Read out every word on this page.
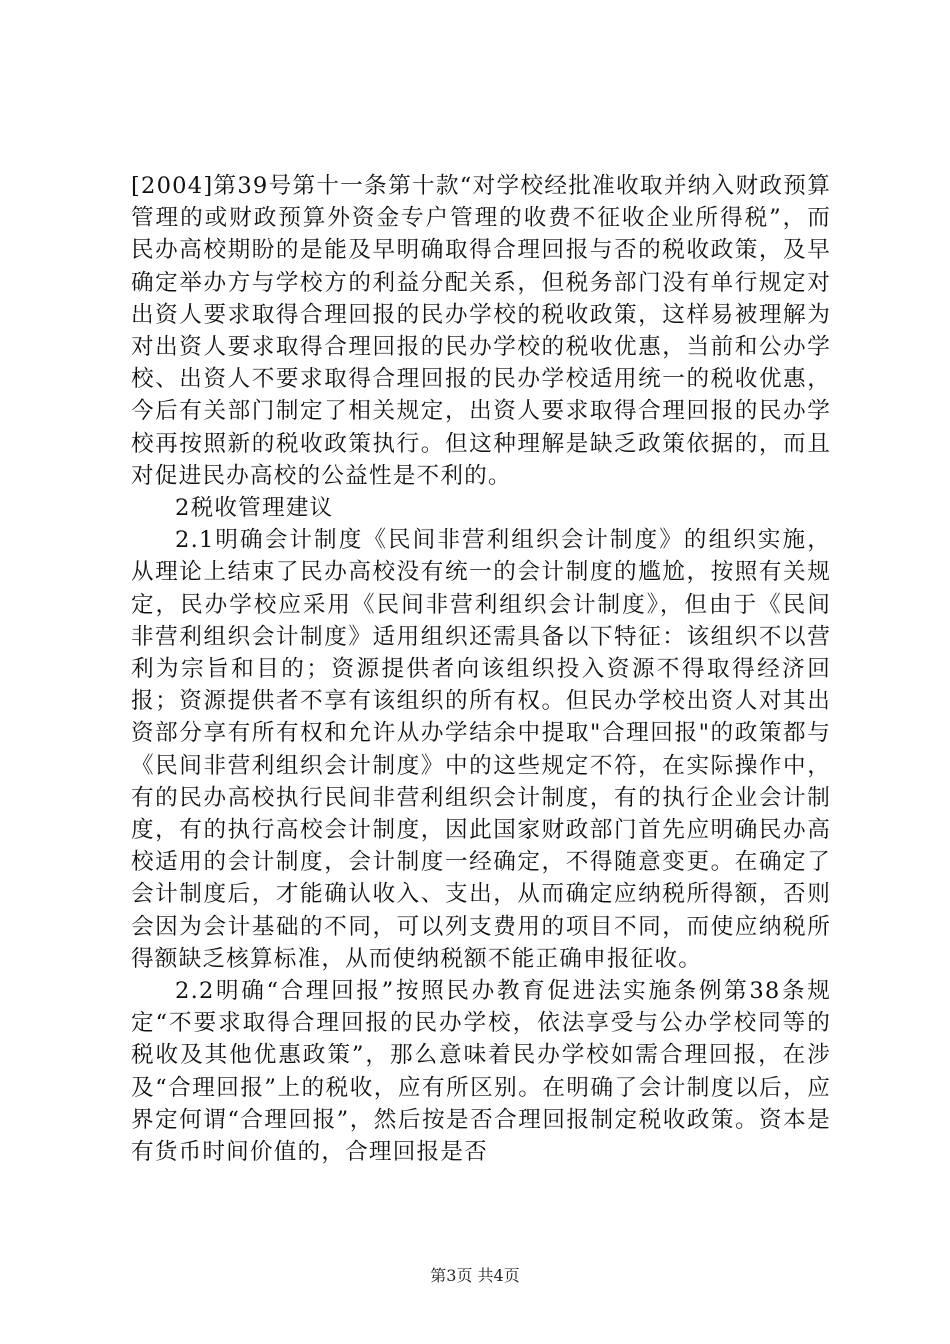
[2004]第39号第十一条第十款“对学校经批准收取并纳入财政预算管理的或财政预算外资金专户管理的收费不征收企业所得税”，而民办高校期盼的是能及早明确取得合理回报与否的税收政策，及早确定举办方与学校方的利益分配关系，但税务部门没有单行规定对出资人要求取得合理回报的民办学校的税收政策，这样易被理解为对出资人要求取得合理回报的民办学校的税收优惠，当前和公办学校、出资人不要求取得合理回报的民办学校适用统一的税收优惠，今后有关部门制定了相关规定，出资人要求取得合理回报的民办学校再按照新的税收政策执行。但这种理解是缺乏政策依据的，而且对促进民办高校的公益性是不利的。

2税收管理建议

2.1明确会计制度《民间非营利组织会计制度》的组织实施，从理论上结束了民办高校没有统一的会计制度的尴尬，按照有关规定，民办学校应采用《民间非营利组织会计制度》，但由于《民间非营利组织会计制度》适用组织还需具备以下特征：该组织不以营利为宗旨和目的；资源提供者向该组织投入资源不得取得经济回报；资源提供者不享有该组织的所有权。但民办学校出资人对其出资部分享有所有权和允许从办学结余中提取"合理回报"的政策都与《民间非营利组织会计制度》中的这些规定不符，在实际操作中，有的民办高校执行民间非营利组织会计制度，有的执行企业会计制度，有的执行高校会计制度，因此国家财政部门首先应明确民办高校适用的会计制度，会计制度一经确定，不得随意变更。在确定了会计制度后，才能确认收入、支出，从而确定应纳税所得额，否则会因为会计基础的不同，可以列支费用的项目不同，而使应纳税所得额缺乏核算标准，从而使纳税额不能正确申报征收。

2.2明确“合理回报”按照民办教育促进法实施条例第38条规定“不要求取得合理回报的民办学校，依法享受与公办学校同等的税收及其他优惠政策”，那么意味着民办学校如需合理回报，在涉及“合理回报”上的税收，应有所区别。在明确了会计制度以后，应界定何谓“合理回报”，然后按是否合理回报制定税收政策。资本是有货币时间价值的，合理回报是否

第3页 共4页
